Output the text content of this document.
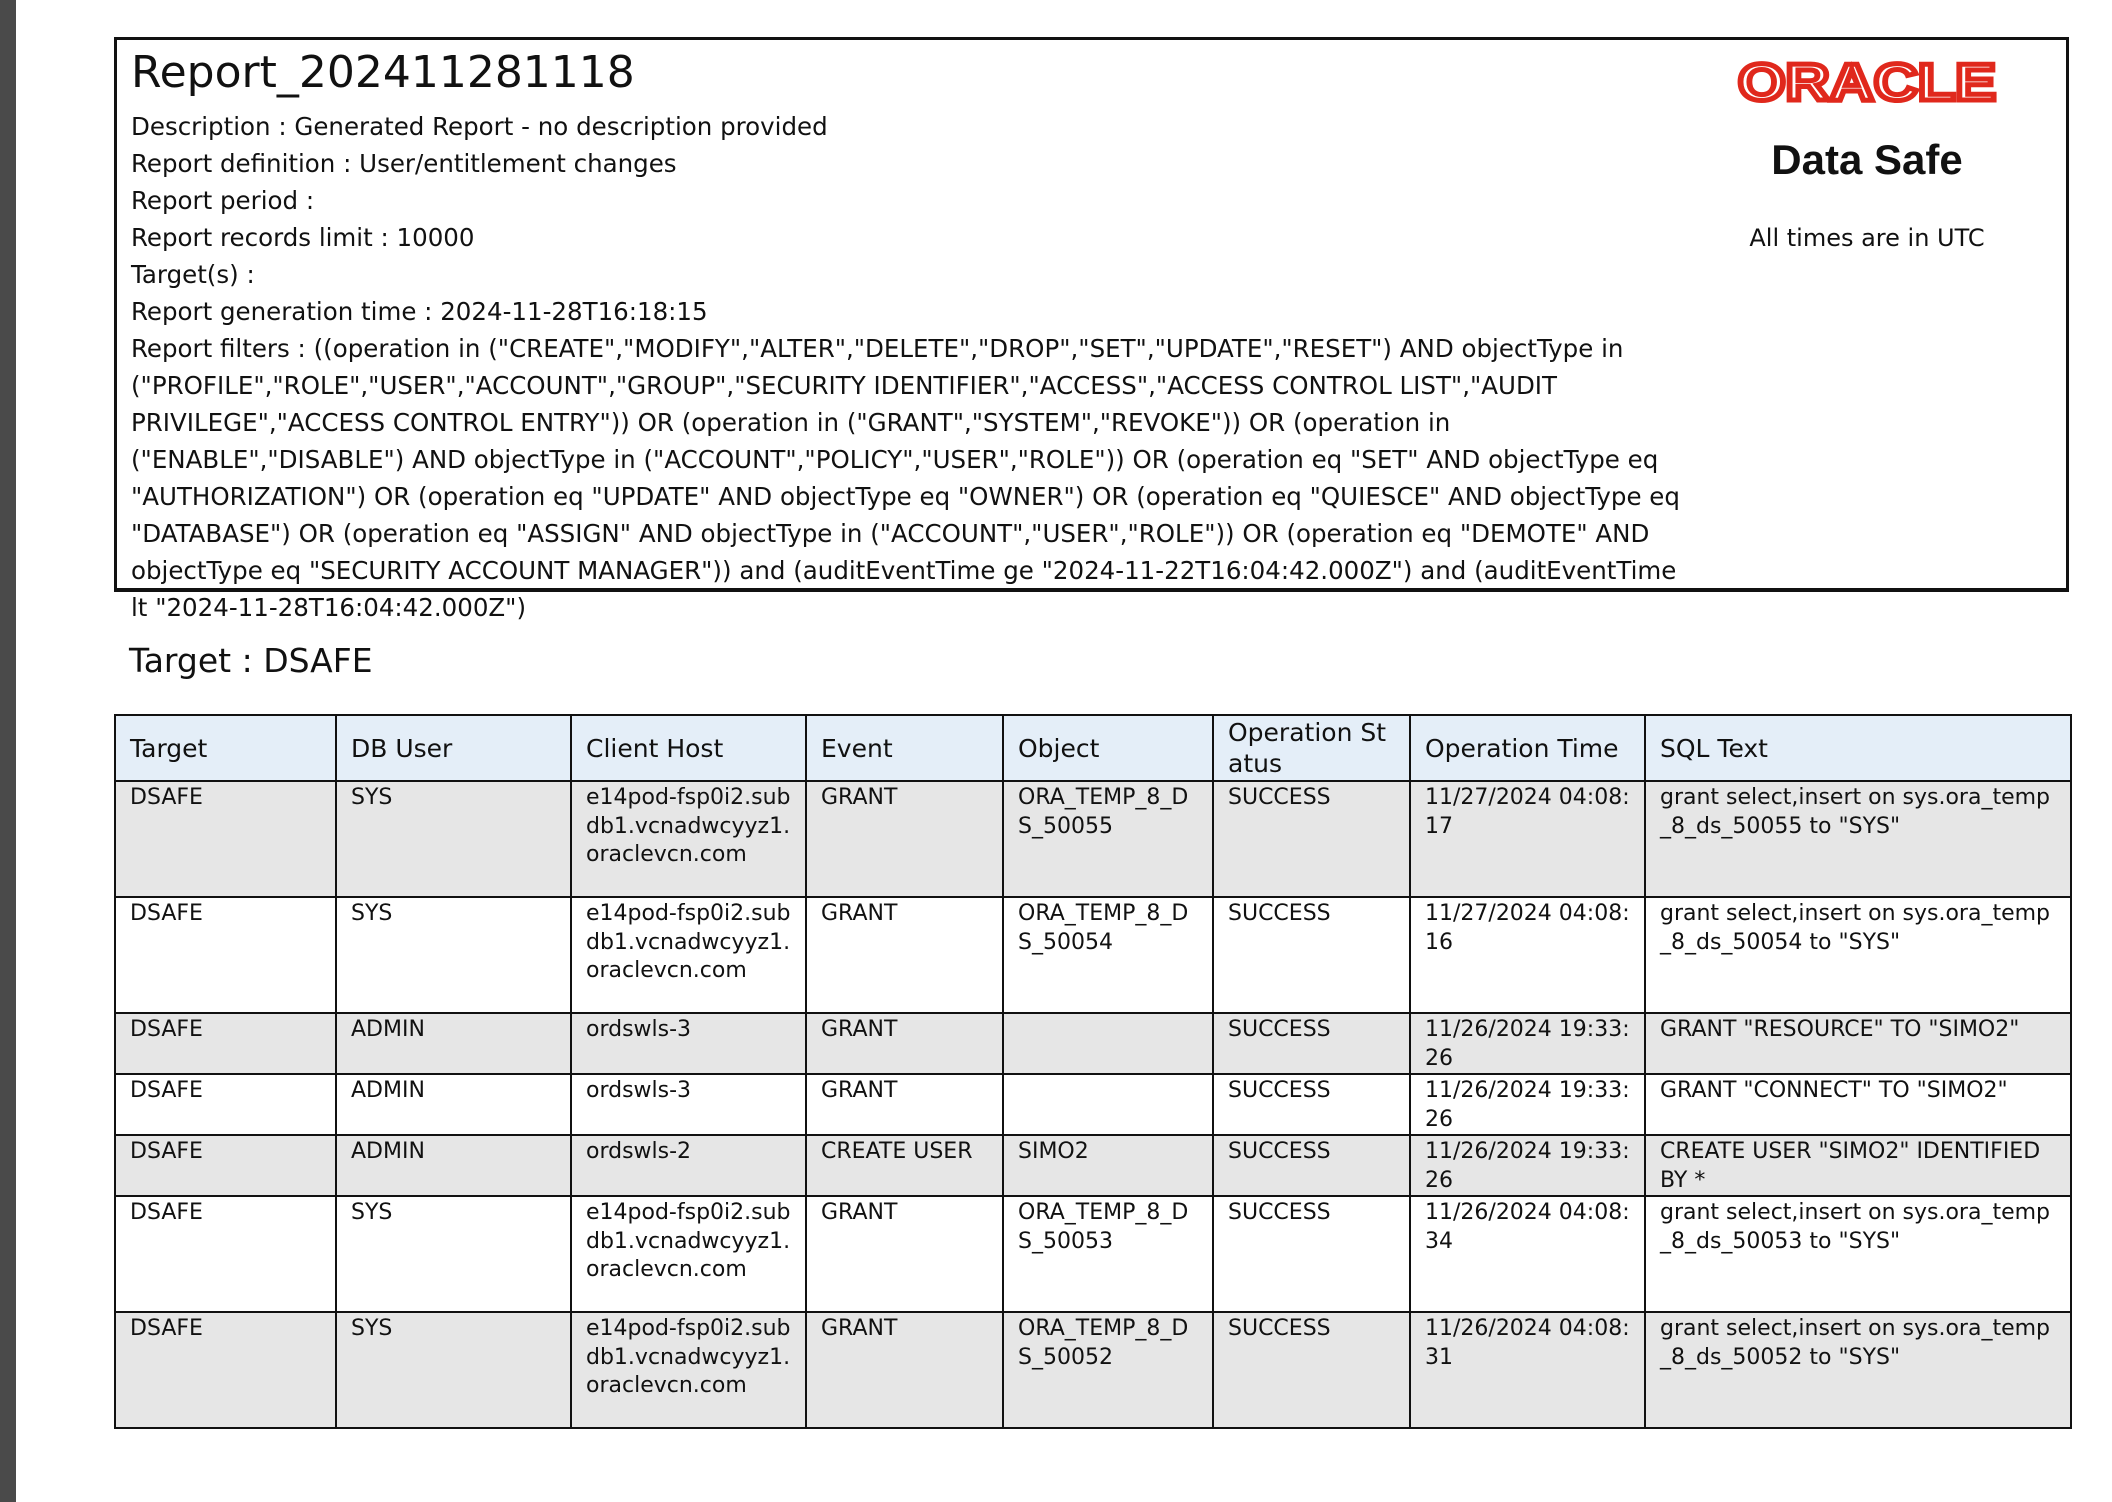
Report_202411281118
Description : Generated Report - no description provided
Report definition : User/entitlement changes
Report period :
Report records limit : 10000
Target(s) :
Report generation time : 2024-11-28T16:18:15
Report filters : ((operation in ("CREATE","MODIFY","ALTER","DELETE","DROP","SET","UPDATE","RESET") AND objectType in ("PROFILE","ROLE","USER","ACCOUNT","GROUP","SECURITY IDENTIFIER","ACCESS","ACCESS CONTROL LIST","AUDIT PRIVILEGE","ACCESS CONTROL ENTRY")) OR (operation in ("GRANT","SYSTEM","REVOKE")) OR (operation in ("ENABLE","DISABLE") AND objectType in ("ACCOUNT","POLICY","USER","ROLE")) OR (operation eq "SET" AND objectType eq "AUTHORIZATION") OR (operation eq "UPDATE" AND objectType eq "OWNER") OR (operation eq "QUIESCE" AND objectType eq "DATABASE") OR (operation eq "ASSIGN" AND objectType in ("ACCOUNT","USER","ROLE")) OR (operation eq "DEMOTE" AND objectType eq "SECURITY ACCOUNT MANAGER")) and (auditEventTime ge "2024-11-22T16:04:42.000Z") and (auditEventTime lt "2024-11-28T16:04:42.000Z")
ORACLE
Data Safe
All times are in UTC
Target : DSAFE
Target	DB User	Client Host	Event	Object	Operation Status	Operation Time	SQL Text
DSAFE	SYS	e14pod-fsp0i2.subdb1.vcnadwcyyz1.oraclevcn.com	GRANT	ORA_TEMP_8_DS_50055	SUCCESS	11/27/2024 04:08:17	grant select,insert on sys.ora_temp_8_ds_50055 to "SYS"
DSAFE	SYS	e14pod-fsp0i2.subdb1.vcnadwcyyz1.oraclevcn.com	GRANT	ORA_TEMP_8_DS_50054	SUCCESS	11/27/2024 04:08:16	grant select,insert on sys.ora_temp_8_ds_50054 to "SYS"
DSAFE	ADMIN	ordswls-3	GRANT		SUCCESS	11/26/2024 19:33:26	GRANT "RESOURCE" TO "SIMO2"
DSAFE	ADMIN	ordswls-3	GRANT		SUCCESS	11/26/2024 19:33:26	GRANT "CONNECT" TO "SIMO2"
DSAFE	ADMIN	ordswls-2	CREATE USER	SIMO2	SUCCESS	11/26/2024 19:33:26	CREATE USER "SIMO2" IDENTIFIED BY *
DSAFE	SYS	e14pod-fsp0i2.subdb1.vcnadwcyyz1.oraclevcn.com	GRANT	ORA_TEMP_8_DS_50053	SUCCESS	11/26/2024 04:08:34	grant select,insert on sys.ora_temp_8_ds_50053 to "SYS"
DSAFE	SYS	e14pod-fsp0i2.subdb1.vcnadwcyyz1.oraclevcn.com	GRANT	ORA_TEMP_8_DS_50052	SUCCESS	11/26/2024 04:08:31	grant select,insert on sys.ora_temp_8_ds_50052 to "SYS"
